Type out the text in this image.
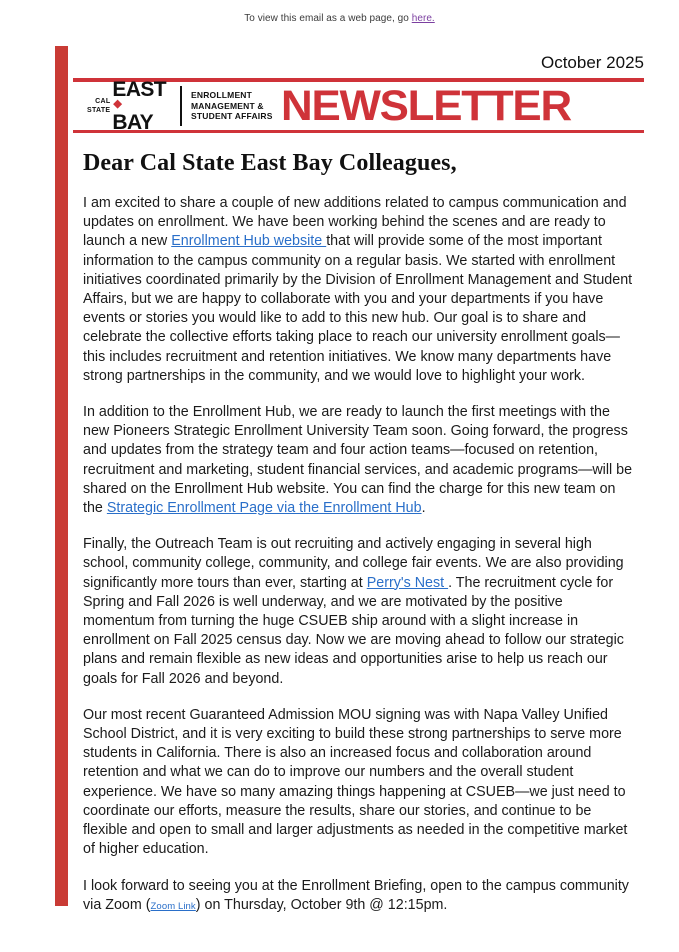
To view this email as a web page, go here.
October 2025
CAL
STATE
EAST
◆
BAY
ENROLLMENT
MANAGEMENT &
STUDENT AFFAIRS NEWSLETTER
Dear Cal State East Bay Colleagues,

I am excited to share a couple of new additions related to campus communication and updates on enrollment. We have been working behind the scenes and are ready to launch a new Enrollment Hub website that will provide some of the most important information to the campus community on a regular basis. We started with enrollment initiatives coordinated primarily by the Division of Enrollment Management and Student Affairs, but we are happy to collaborate with you and your departments if you have events or stories you would like to add to this new hub. Our goal is to share and celebrate the collective efforts taking place to reach our university enrollment goals—this includes recruitment and retention initiatives. We know many departments have strong partnerships in the community, and we would love to highlight your work.

In addition to the Enrollment Hub, we are ready to launch the first meetings with the new Pioneers Strategic Enrollment University Team soon. Going forward, the progress and updates from the strategy team and four action teams—focused on retention, recruitment and marketing, student financial services, and academic programs—will be shared on the Enrollment Hub website. You can find the charge for this new team on the Strategic Enrollment Page via the Enrollment Hub.

Finally, the Outreach Team is out recruiting and actively engaging in several high school, community college, community, and college fair events. We are also providing significantly more tours than ever, starting at Perry's Nest . The recruitment cycle for Spring and Fall 2026 is well underway, and we are motivated by the positive momentum from turning the huge CSUEB ship around with a slight increase in enrollment on Fall 2025 census day. Now we are moving ahead to follow our strategic plans and remain flexible as new ideas and opportunities arise to help us reach our goals for Fall 2026 and beyond.

Our most recent Guaranteed Admission MOU signing was with Napa Valley Unified School District, and it is very exciting to build these strong partnerships to serve more students in California. There is also an increased focus and collaboration around retention and what we can do to improve our numbers and the overall student experience. We have so many amazing things happening at CSUEB—we just need to coordinate our efforts, measure the results, share our stories, and continue to be flexible and open to small and larger adjustments as needed in the competitive market of higher education.

I look forward to seeing you at the Enrollment Briefing, open to the campus community via Zoom (Zoom Link) on Thursday, October 9th @ 12:15pm.
